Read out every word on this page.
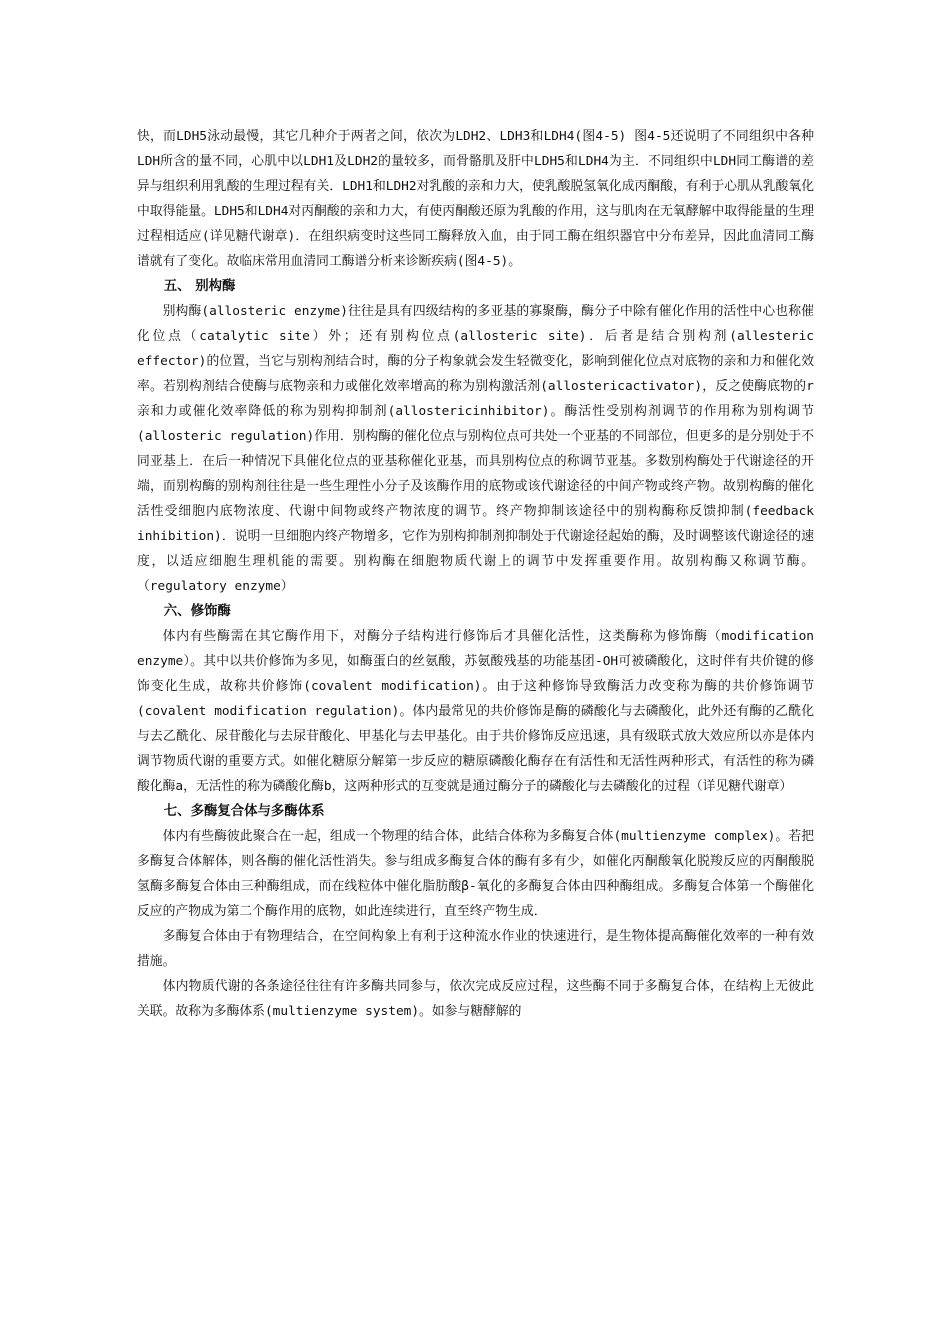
快，而LDH5泳动最慢，其它几种介于两者之间，依次为LDH2、LDH3和LDH4(图4-5) 图4-5还说明了不同组织中各种LDH所含的量不同，心肌中以LDH1及LDH2的量较多，而骨骼肌及肝中LDH5和LDH4为主．不同组织中LDH同工酶谱的差异与组织利用乳酸的生理过程有关．LDH1和LDH2对乳酸的亲和力大，使乳酸脱氢氧化成丙酮酸，有利于心肌从乳酸氧化中取得能量。LDH5和LDH4对丙酮酸的亲和力大，有使丙酮酸还原为乳酸的作用，这与肌肉在无氧酵解中取得能量的生理过程相适应(详见糖代谢章)．在组织病变时这些同工酶释放入血，由于同工酶在组织器官中分布差异，因此血清同工酶谱就有了变化。故临床常用血清同工酶谱分析来诊断疾病(图4-5)。

五、 别构酶

别构酶(allosteric enzyme)往往是具有四级结构的多亚基的寡聚酶，酶分子中除有催化作用的活性中心也称催化位点（catalytic site）外；还有别构位点(allosteric site)．后者是结合别构剂(allesteric effector)的位置，当它与别构剂结合时，酶的分子构象就会发生轻微变化，影响到催化位点对底物的亲和力和催化效率。若别构剂结合使酶与底物亲和力或催化效率增高的称为别构激活剂(allostericactivator)，反之使酶底物的r亲和力或催化效率降低的称为别构抑制剂(allostericinhibitor)。酶活性受别构剂调节的作用称为别构调节(allosteric regulation)作用．别构酶的催化位点与别构位点可共处一个亚基的不同部位，但更多的是分别处于不同亚基上．在后一种情况下具催化位点的亚基称催化亚基，而具别构位点的称调节亚基。多数别构酶处于代谢途径的开端，而别构酶的别构剂往往是一些生理性小分子及该酶作用的底物或该代谢途径的中间产物或终产物。故别构酶的催化活性受细胞内底物浓度、代谢中间物或终产物浓度的调节。终产物抑制该途径中的别构酶称反馈抑制(feedback inhibition)．说明一旦细胞内终产物增多，它作为别构抑制剂抑制处于代谢途径起始的酶，及时调整该代谢途径的速度，以适应细胞生理机能的需要。别构酶在细胞物质代谢上的调节中发挥重要作用。故别构酶又称调节酶。（regulatory enzyme）

六、修饰酶

体内有些酶需在其它酶作用下，对酶分子结构进行修饰后才具催化活性，这类酶称为修饰酶（modification enzyme）。其中以共价修饰为多见，如酶蛋白的丝氨酸，苏氨酸残基的功能基团-OH可被磷酸化，这时伴有共价键的修饰变化生成，故称共价修饰(covalent modification)。由于这种修饰导致酶活力改变称为酶的共价修饰调节(covalent modification regulation)。体内最常见的共价修饰是酶的磷酸化与去磷酸化，此外还有酶的乙酰化与去乙酰化、尿苷酸化与去尿苷酸化、甲基化与去甲基化。由于共价修饰反应迅速，具有级联式放大效应所以亦是体内调节物质代谢的重要方式。如催化糖原分解第一步反应的糖原磷酸化酶存在有活性和无活性两种形式，有活性的称为磷酸化酶a，无活性的称为磷酸化酶b，这两种形式的互变就是通过酶分子的磷酸化与去磷酸化的过程（详见糖代谢章）

七、多酶复合体与多酶体系

体内有些酶彼此聚合在一起，组成一个物理的结合体，此结合体称为多酶复合体(multienzyme complex)。若把多酶复合体解体，则各酶的催化活性消失。参与组成多酶复合体的酶有多有少，如催化丙酮酸氧化脱羧反应的丙酮酸脱氢酶多酶复合体由三种酶组成，而在线粒体中催化脂肪酸β-氧化的多酶复合体由四种酶组成。多酶复合体第一个酶催化反应的产物成为第二个酶作用的底物，如此连续进行，直至终产物生成．

多酶复合体由于有物理结合，在空间构象上有利于这种流水作业的快速进行，是生物体提高酶催化效率的一种有效措施。

体内物质代谢的各条途径往往有许多酶共同参与，依次完成反应过程，这些酶不同于多酶复合体，在结构上无彼此关联。故称为多酶体系(multienzyme system)。如参与糖酵解的
